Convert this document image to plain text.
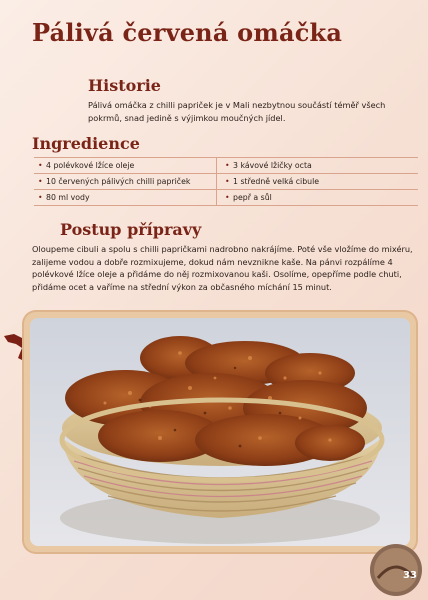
Pálivá červená omáčka
Historie

Pálivá omáčka z chilli papriček je v Mali nezbytnou součástí téměř všech pokrmů, snad jedině s výjimkou moučných jídel.

Ingredience
• 4 polévkové lžíce oleje	• 3 kávové lžičky octa
• 10 červených pálivých chilli papriček	• 1 středně velká cibule
• 80 ml vody	• pepř a sůl
Postup přípravy

Oloupeme cibuli a spolu s chilli papričkami nadrobno nakrájíme. Poté vše vložíme do mixéru, zalijeme vodou a dobře rozmixujeme, dokud nám nevznikne kaše. Na pánvi rozpálíme 4 polévkové lžíce oleje a přidáme do něj rozmixovanou kaši. Osolíme, opepříme podle chuti, přidáme ocet a vaříme na střední výkon za občasného míchání 15 minut.

33
